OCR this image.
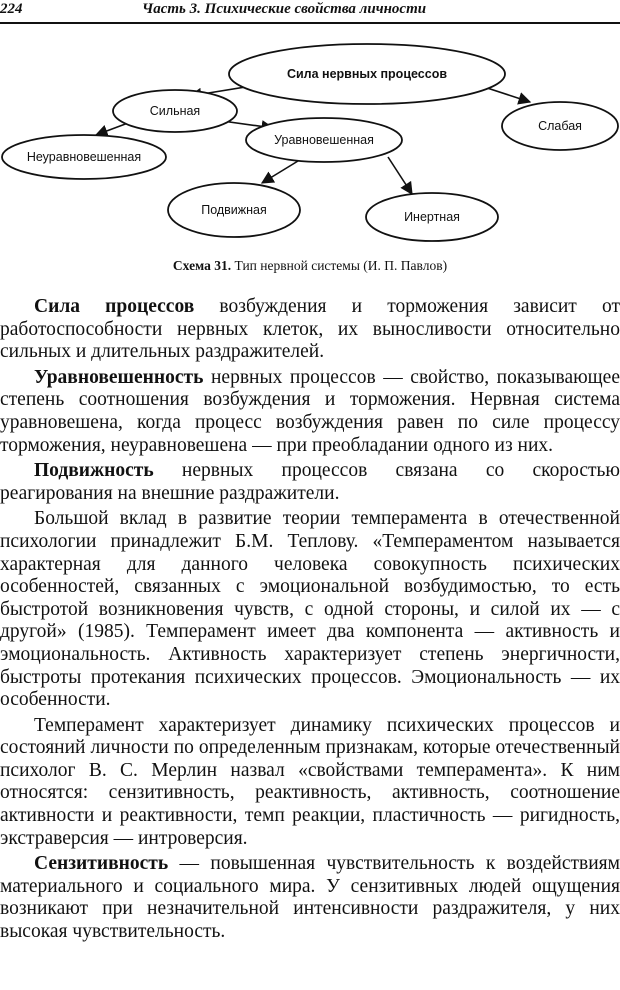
224	Часть 3. Психические свойства личности
Сила нервных процессов
Сильная
Слабая
Неуравновешенная
Уравновешенная
Подвижная	Инертная
Схема 31. Тип нервной системы (И. П. Павлов)

Сила процессов возбуждения и торможения зависит от работоспособности нервных клеток, их выносливости относительно сильных и длительных раздражителей.

Уравновешенность нервных процессов — свойство, показывающее степень соотношения возбуждения и торможения. Нервная система уравновешена, когда процесс возбуждения равен по силе процессу торможения, неуравновешена — при преобладании одного из них.

Подвижность нервных процессов связана со скоростью реагирования на внешние раздражители.

Большой вклад в развитие теории темперамента в отечественной психологии принадлежит Б.М. Теплову. «Темпераментом называется характерная для данного человека совокупность психических особенностей, связанных с эмоциональной возбудимостью, то есть быстротой возникновения чувств, с одной стороны, и силой их — с другой» (1985). Темперамент имеет два компонента — активность и эмоциональность. Активность характеризует степень энергичности, быстроты протекания психических процессов. Эмоциональность — их особенности.

Темперамент характеризует динамику психических процессов и состояний личности по определенным признакам, которые отечественный психолог В. С. Мерлин назвал «свойствами темперамента». К ним относятся: сензитивность, реактивность, активность, соотношение активности и реактивности, темп реакции, пластичность — ригидность, экстраверсия — интроверсия.

Сензитивность — повышенная чувствительность к воздействиям материального и социального мира. У сензитивных людей ощущения возникают при незначительной интенсивности раздражителя, у них высокая чувствительность.
